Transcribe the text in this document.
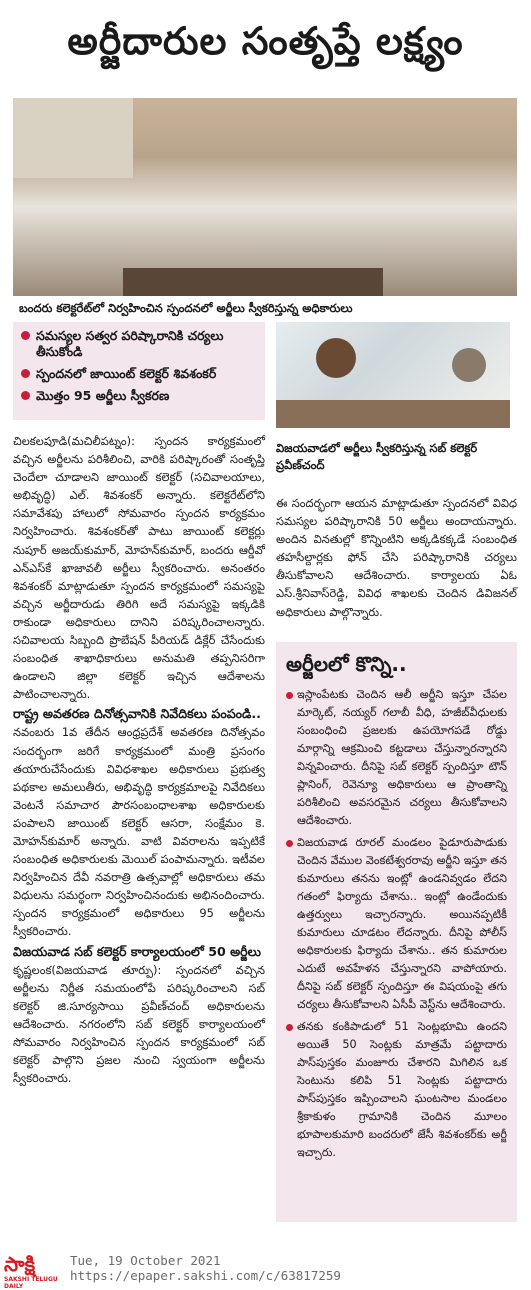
అర్జీదారుల సంతృప్తే లక్ష్యం
బందరు కలెక్టరేట్‌లో నిర్వహించిన స్పందనలో అర్జీలు స్వీకరిస్తున్న అధికారులు
సమస్యల సత్వర పరిష్కారానికి చర్యలు తీసుకోండి
స్పందనలో జాయింట్ కలెక్టర్ శివశంకర్
మొత్తం 95 అర్జీలు స్వీకరణ
విజయవాడలో అర్జీలు స్వీకరిస్తున్న సబ్ కలెక్టర్ ప్రవీణ్‌చంద్

చిలకలపూడి(మచిలీపట్నం): స్పందన కార్యక్రమంలో వచ్చిన అర్జీలను పరిశీలించి, వారికి పరిష్కారంతో సంతృప్తి చెందేలా చూడాలని జాయింట్ కలెక్టర్ (సచివాలయాలు, అభివృద్ధి) ఎల్. శివశంకర్ అన్నారు. కలెక్టరేట్‌లోని సమావేశపు హాలులో సోమవారం స్పందన కార్యక్రమం నిర్వహించారు. శివశంకర్‌తో పాటు జాయింట్ కలెక్టర్లు నుపూర్ అజయ్‌కుమార్, మోహన్‌కుమార్, బందరు ఆర్డీవో ఎన్‌ఎస్‌కే ఖాజావలీ అర్జీలు స్వీకరించారు. అనంతరం శివశంకర్ మాట్లాడుతూ స్పందన కార్యక్రమంలో సమస్యపై వచ్చిన అర్జీదారుడు తిరిగి అదే సమస్యపై ఇక్కడికి రాకుండా అధికారులు దానిని పరిష్కరించాలన్నారు. సచివాలయ సిబ్బంది ప్రొబేషన్ పీరియడ్ డిక్లేర్ చేసేందుకు సంబంధిత శాఖాధికారులు అనుమతి తప్పనిసరిగా ఉండాలని జిల్లా కలెక్టర్ ఇచ్చిన ఆదేశాలను పాటించాలన్నారు.

రాష్ట్ర అవతరణ దినోత్సవానికి నివేదికలు పంపండి..

నవంబరు 1వ తేదీన ఆంధ్రప్రదేశ్ అవతరణ దినోత్సవం సందర్భంగా జరిగే కార్యక్రమంలో మంత్రి ప్రసంగం తయారుచేసేందుకు వివిధశాఖల అధికారులు ప్రభుత్వ పథకాల అమలుతీరు, అభివృద్ధి కార్యక్రమాలపై నివేదికలు వెంటనే సమాచార పౌరసంబంధాలశాఖ అధికారులకు పంపాలని జాయింట్ కలెక్టర్ ఆసరా, సంక్షేమం కె. మోహన్‌కుమార్ అన్నారు. వాటి వివరాలను ఇప్పటికే సంబంధిత అధికారులకు మెయిల్ పంపామన్నారు. ఇటీవల నిర్వహించిన దేవీ నవరాత్రి ఉత్సవాల్లో అధికారులు తమ విధులను సమర్థంగా నిర్వహించినందుకు అభినందించారు. స్పందన కార్యక్రమంలో అధికారులు 95 అర్జీలను స్వీకరించారు.

విజయవాడ సబ్ కలెక్టర్ కార్యాలయంలో 50 అర్జీలు

కృష్ణలంక(విజయవాడ తూర్పు): స్పందనలో వచ్చిన అర్జీలను నిర్ణీత సమయంలోపే పరిష్కరించాలని సబ్ కలెక్టర్ జి.సూర్యసాయి ప్రవీణ్‌చంద్ అధికారులను ఆదేశించారు. నగరంలోని సబ్ కలెక్టర్ కార్యాలయంలో సోమవారం నిర్వహించిన స్పందన కార్యక్రమంలో సబ్ కలెక్టర్ పాల్గొని ప్రజల నుంచి స్వయంగా అర్జీలను స్వీకరించారు.

ఈ సందర్భంగా ఆయన మాట్లాడుతూ స్పందనలో వివిధ సమస్యల పరిష్కారానికి 50 అర్జీలు అందాయన్నారు. అందిన వినతుల్లో కొన్నింటిని అక్కడికక్కడే సంబంధిత తహసీల్దార్లకు ఫోన్ చేసి పరిష్కారానికి చర్యలు తీసుకోవాలని ఆదేశించారు. కార్యాలయ ఏఓ ఎస్.శ్రీనివాస్‌రెడ్డి, వివిధ శాఖలకు చెందిన డివిజనల్ అధికారులు పాల్గొన్నారు.

అర్జీలలో కొన్ని..
ఇస్లాంపేటకు చెందిన ఆలీ అర్జీని ఇస్తూ చేపల మార్కెట్, నయ్యర్ గలాబీ వీధి, హజీబ్‌వీధులకు సంబంధించి ప్రజలకు ఉపయోగపడే రోడ్డు మార్గాన్ని ఆక్రమించి కట్టడాలు చేస్తున్నారన్నారని విన్నవించారు. దీనిపై సబ్ కలెక్టర్ స్పందిస్తూ టౌన్ ప్లానింగ్, రెవెన్యూ అధికారులు ఆ ప్రాంతాన్ని పరిశీలించి అవసరమైన చర్యలు తీసుకోవాలని ఆదేశించారు.
విజయవాడ రూరల్ మండలం పైడూరుపాడుకు చెందిన వేముల వెంకటేశ్వరరావు అర్జీని ఇస్తూ తన కుమారులు తనను ఇంట్లో ఉండనివ్వడం లేదని గతంలో ఫిర్యాదు చేశాను.. ఇంట్లో ఉండేందుకు ఉత్తర్వులు ఇచ్చారన్నారు. అయినప్పటికీ కుమారులు చూడటం లేదన్నారు. దీనిపై పోలీస్ అధికారులకు ఫిర్యాదు చేశాను.. తన కుమారుల ఎదుటే అవహేళన చేస్తున్నారని వాపోయారు. దీనిపై సబ్ కలెక్టర్ స్పందిస్తూ ఈ విషయంపై తగు చర్యలు తీసుకోవాలని ఏసీపీ వెస్ట్‌ను ఆదేశించారు.
తనకు కంకిపాడులో 51 సెంట్లభూమి ఉందని అయితే 50 సెంట్లకు మాత్రమే పట్టాదారు పాస్‌పుస్తకం మంజూరు చేశారని మిగిలిన ఒక సెంటును కలిపి 51 సెంట్లకు పట్టాదారు పాస్‌పుస్తకం ఇప్పించాలని ఘంటసాల మండలం శ్రీకాకుళం గ్రామానికి చెందిన మూలం భూపాలకుమారి బందరులో జేసీ శివశంకర్‌కు అర్జీ ఇచ్చారు.
సాక్షి
SAKSHI TELUGU DAILY
Tue, 19 October 2021
https://epaper.sakshi.com/c/63817259
